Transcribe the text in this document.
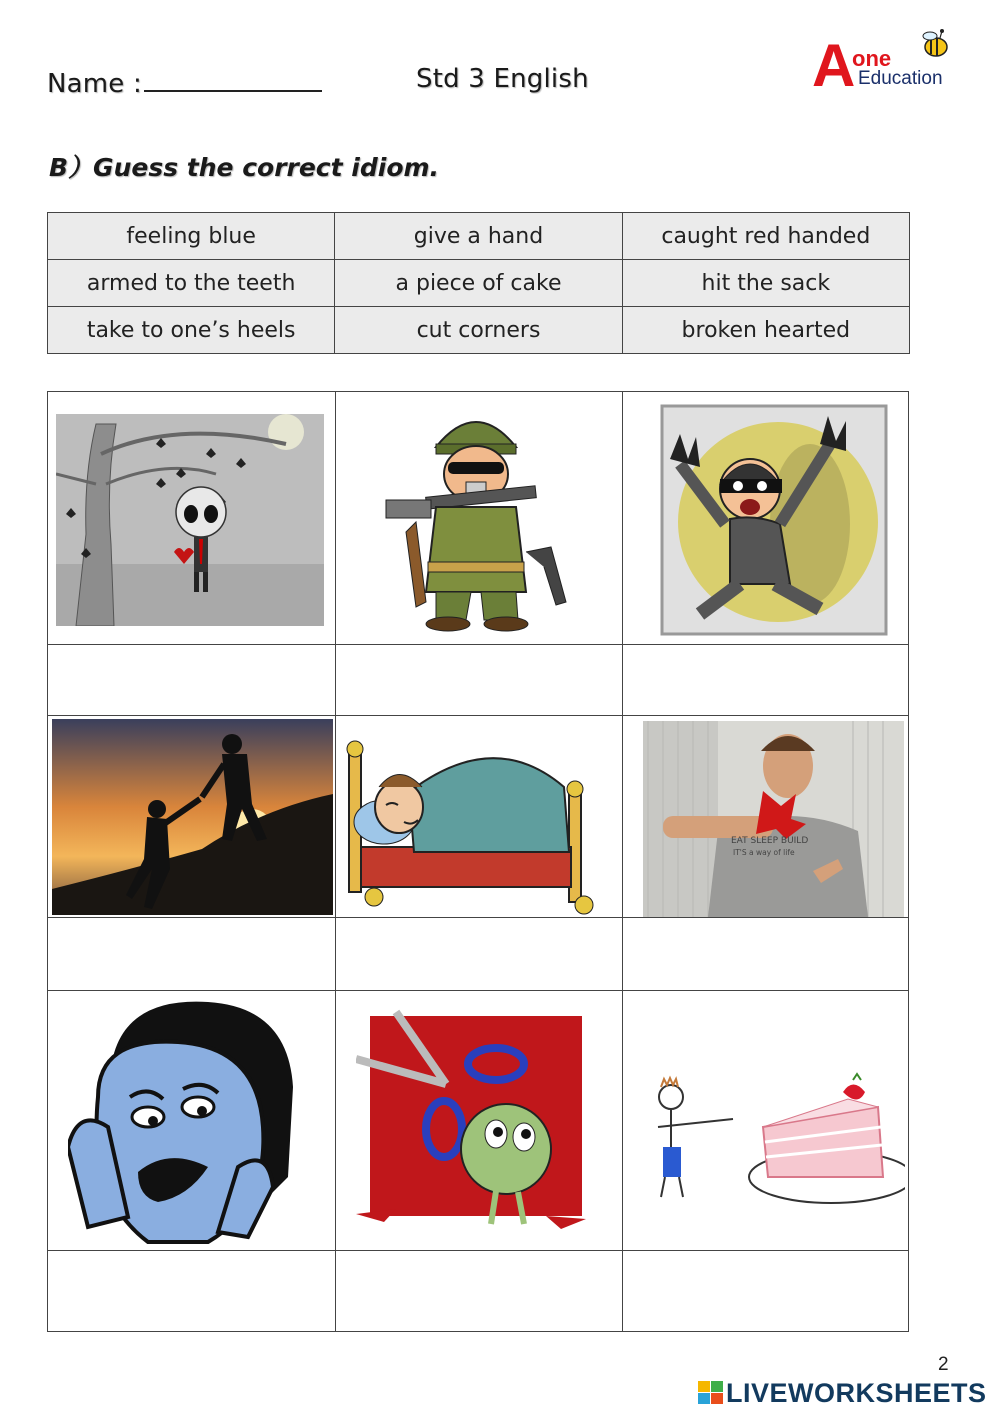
Name :	Std 3 English	A
one
Education
B）Guess the correct idiom.
feeling blue	give a hand	caught red handed
armed to the teeth	a piece of cake	hit the sack
take to one’s heels	cut corners	broken hearted
EAT SLEEP BUILD
IT'S a way of life
2
LIVEWORKSHEETS
